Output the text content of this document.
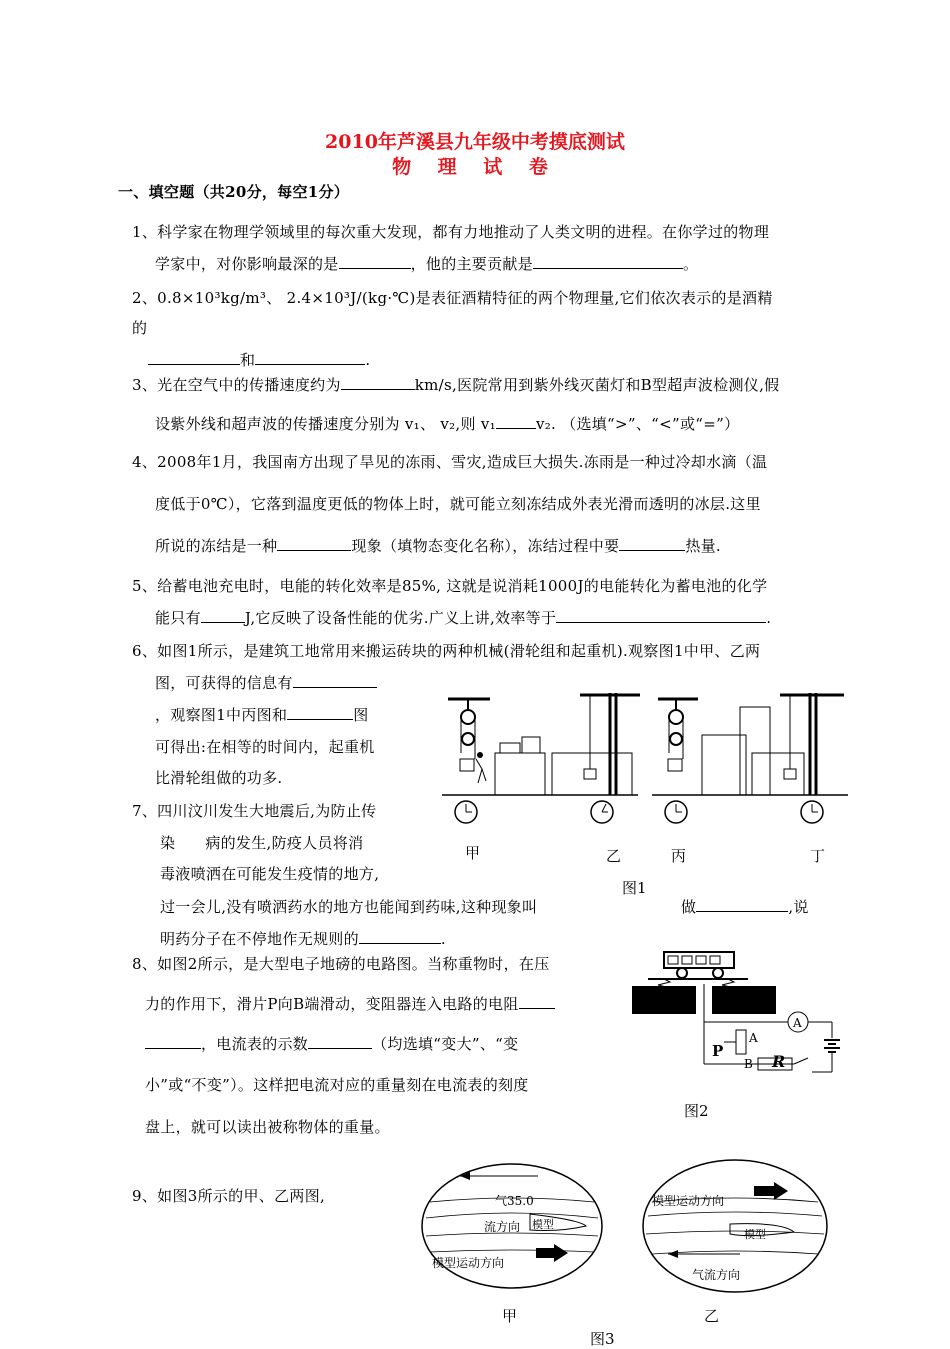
2010年芦溪县九年级中考摸底测试
物 理 试 卷
一、填空题（共20分，每空1分）
1、科学家在物理学领域里的每次重大发现，都有力地推动了人类文明的进程。在你学过的物理
学家中，对你影响最深的是	，他的主要贡献是	。
2、0.8×10³kg/m³、 2.4×10³J/(kg·℃)是表征酒精特征的两个物理量,它们依次表示的是酒精
的
和	.
3、光在空气中的传播速度约为	km/s,医院常用到紫外线灭菌灯和B型超声波检测仪,假
设紫外线和超声波的传播速度分别为 v₁、 v₂,则 v₁	v₂. （选填“>”、“<”或“=”）
4、2008年1月，我国南方出现了旱见的冻雨、雪灾,造成巨大损失.冻雨是一种过冷却水滴（温
度低于0℃），它落到温度更低的物体上时，就可能立刻冻结成外表光滑而透明的冰层.这里
所说的冻结是一种	现象（填物态变化名称），冻结过程中要	热量.
5、给蓄电池充电时，电能的转化效率是85%, 这就是说消耗1000J的电能转化为蓄电池的化学
能只有	J,它反映了设备性能的优劣.广义上讲,效率等于	.
6、如图1所示，是建筑工地常用来搬运砖块的两种机械(滑轮组和起重机).观察图1中甲、乙两
图，可获得的信息有
，观察图1中丙图和	图
可得出:在相等的时间内，起重机
比滑轮组做的功多.
7、四川汶川发生大地震后,为防止传
染 病的发生,防疫人员将消
毒液喷洒在可能发生疫情的地方,
过一会儿,没有喷洒药水的地方也能闻到药味,这种现象叫	做	,说
明药分子在不停地作无规则的	.
8、如图2所示，是大型电子地磅的电路图。当称重物时，在压
力的作用下，滑片P向B端滑动，变阻器连入电路的电阻
，电流表的示数	（均选填“变大”、“变
小”或“不变”）。这样把电流对应的重量刻在电流表的刻度
盘上，就可以读出被称物体的重量。
9、如图3所示的甲、乙两图,
甲	乙	丙	丁
图1
A
P
A
B R
图2
气35.0
流方向 模型
模型运动方向
模型运动方向
模型
气流方向
甲	乙
图3
